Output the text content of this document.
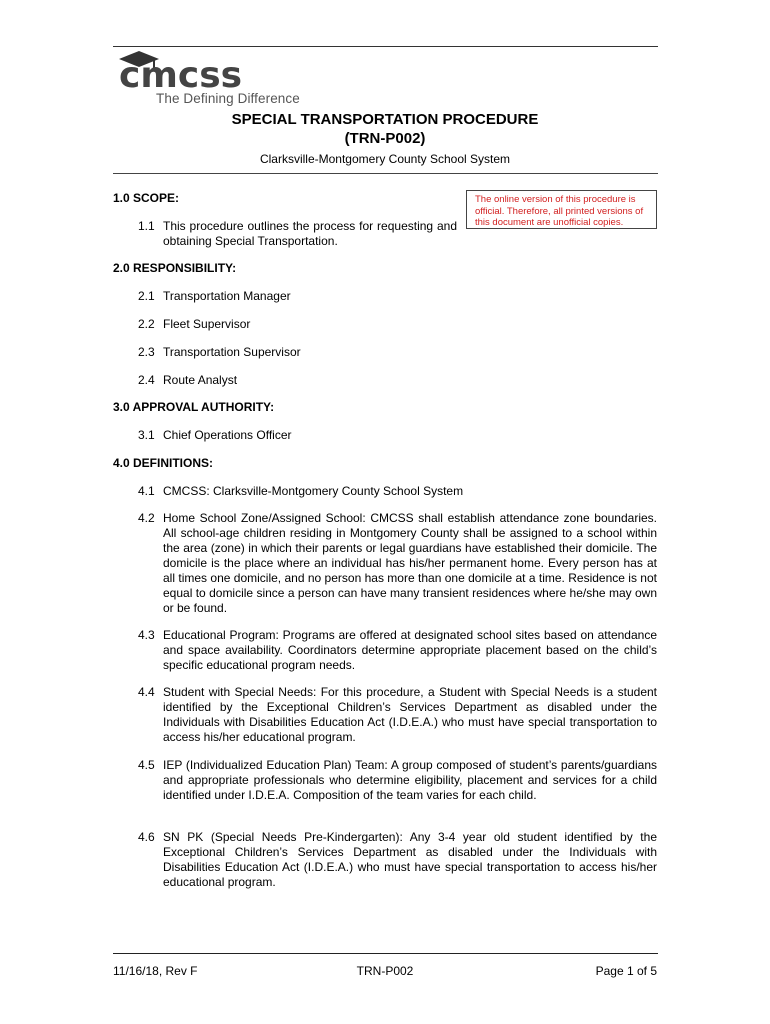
cmcss
The Defining Difference
SPECIAL TRANSPORTATION PROCEDURE
(TRN-P002)
Clarksville-Montgomery County School System
The online version of this procedure is official. Therefore, all printed versions of this document are unofficial copies.
1.0 SCOPE:
1.1 This procedure outlines the process for requesting and obtaining Special Transportation.
2.0 RESPONSIBILITY:
2.1 Transportation Manager
2.2 Fleet Supervisor
2.3 Transportation Supervisor
2.4 Route Analyst
3.0 APPROVAL AUTHORITY:
3.1 Chief Operations Officer
4.0 DEFINITIONS:
4.1 CMCSS: Clarksville-Montgomery County School System
4.2 Home School Zone/Assigned School: CMCSS shall establish attendance zone boundaries. All school-age children residing in Montgomery County shall be assigned to a school within the area (zone) in which their parents or legal guardians have established their domicile. The domicile is the place where an individual has his/her permanent home. Every person has at all times one domicile, and no person has more than one domicile at a time. Residence is not equal to domicile since a person can have many transient residences where he/she may own or be found.
4.3 Educational Program: Programs are offered at designated school sites based on attendance and space availability. Coordinators determine appropriate placement based on the child’s specific educational program needs.
4.4 Student with Special Needs: For this procedure, a Student with Special Needs is a student identified by the Exceptional Children’s Services Department as disabled under the Individuals with Disabilities Education Act (I.D.E.A.) who must have special transportation to access his/her educational program.
4.5 IEP (Individualized Education Plan) Team: A group composed of student’s parents/guardians and appropriate professionals who determine eligibility, placement and services for a child identified under I.D.E.A. Composition of the team varies for each child.
4.6 SN PK (Special Needs Pre-Kindergarten): Any 3-4 year old student identified by the Exceptional Children’s Services Department as disabled under the Individuals with Disabilities Education Act (I.D.E.A.) who must have special transportation to access his/her educational program.
11/16/18, Rev F	TRN-P002	Page 1 of 5
